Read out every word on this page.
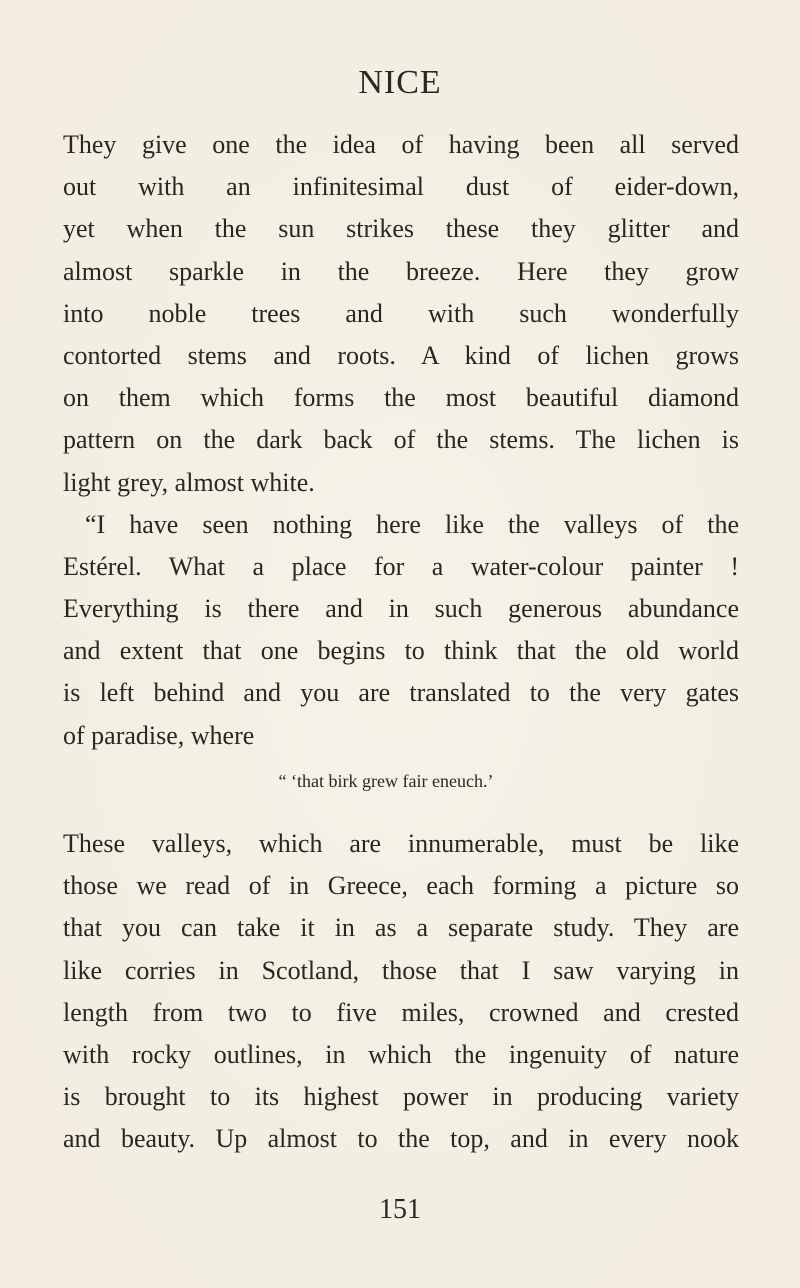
NICE
They give one the idea of having been all served
out with an infinitesimal dust of eider-down,
yet when the sun strikes these they glitter and
almost sparkle in the breeze. Here they grow
into noble trees and with such wonderfully
contorted stems and roots. A kind of lichen grows
on them which forms the most beautiful diamond
pattern on the dark back of the stems. The lichen is
light grey, almost white.
“I have seen nothing here like the valleys of the
Estérel. What a place for a water-colour painter !
Everything is there and in such generous abundance
and extent that one begins to think that the old world
is left behind and you are translated to the very gates
of paradise, where
“ ‘that birk grew fair eneuch.’
These valleys, which are innumerable, must be like
those we read of in Greece, each forming a picture so
that you can take it in as a separate study. They are
like corries in Scotland, those that I saw varying in
length from two to five miles, crowned and crested
with rocky outlines, in which the ingenuity of nature
is brought to its highest power in producing variety
and beauty. Up almost to the top, and in every nook
151
